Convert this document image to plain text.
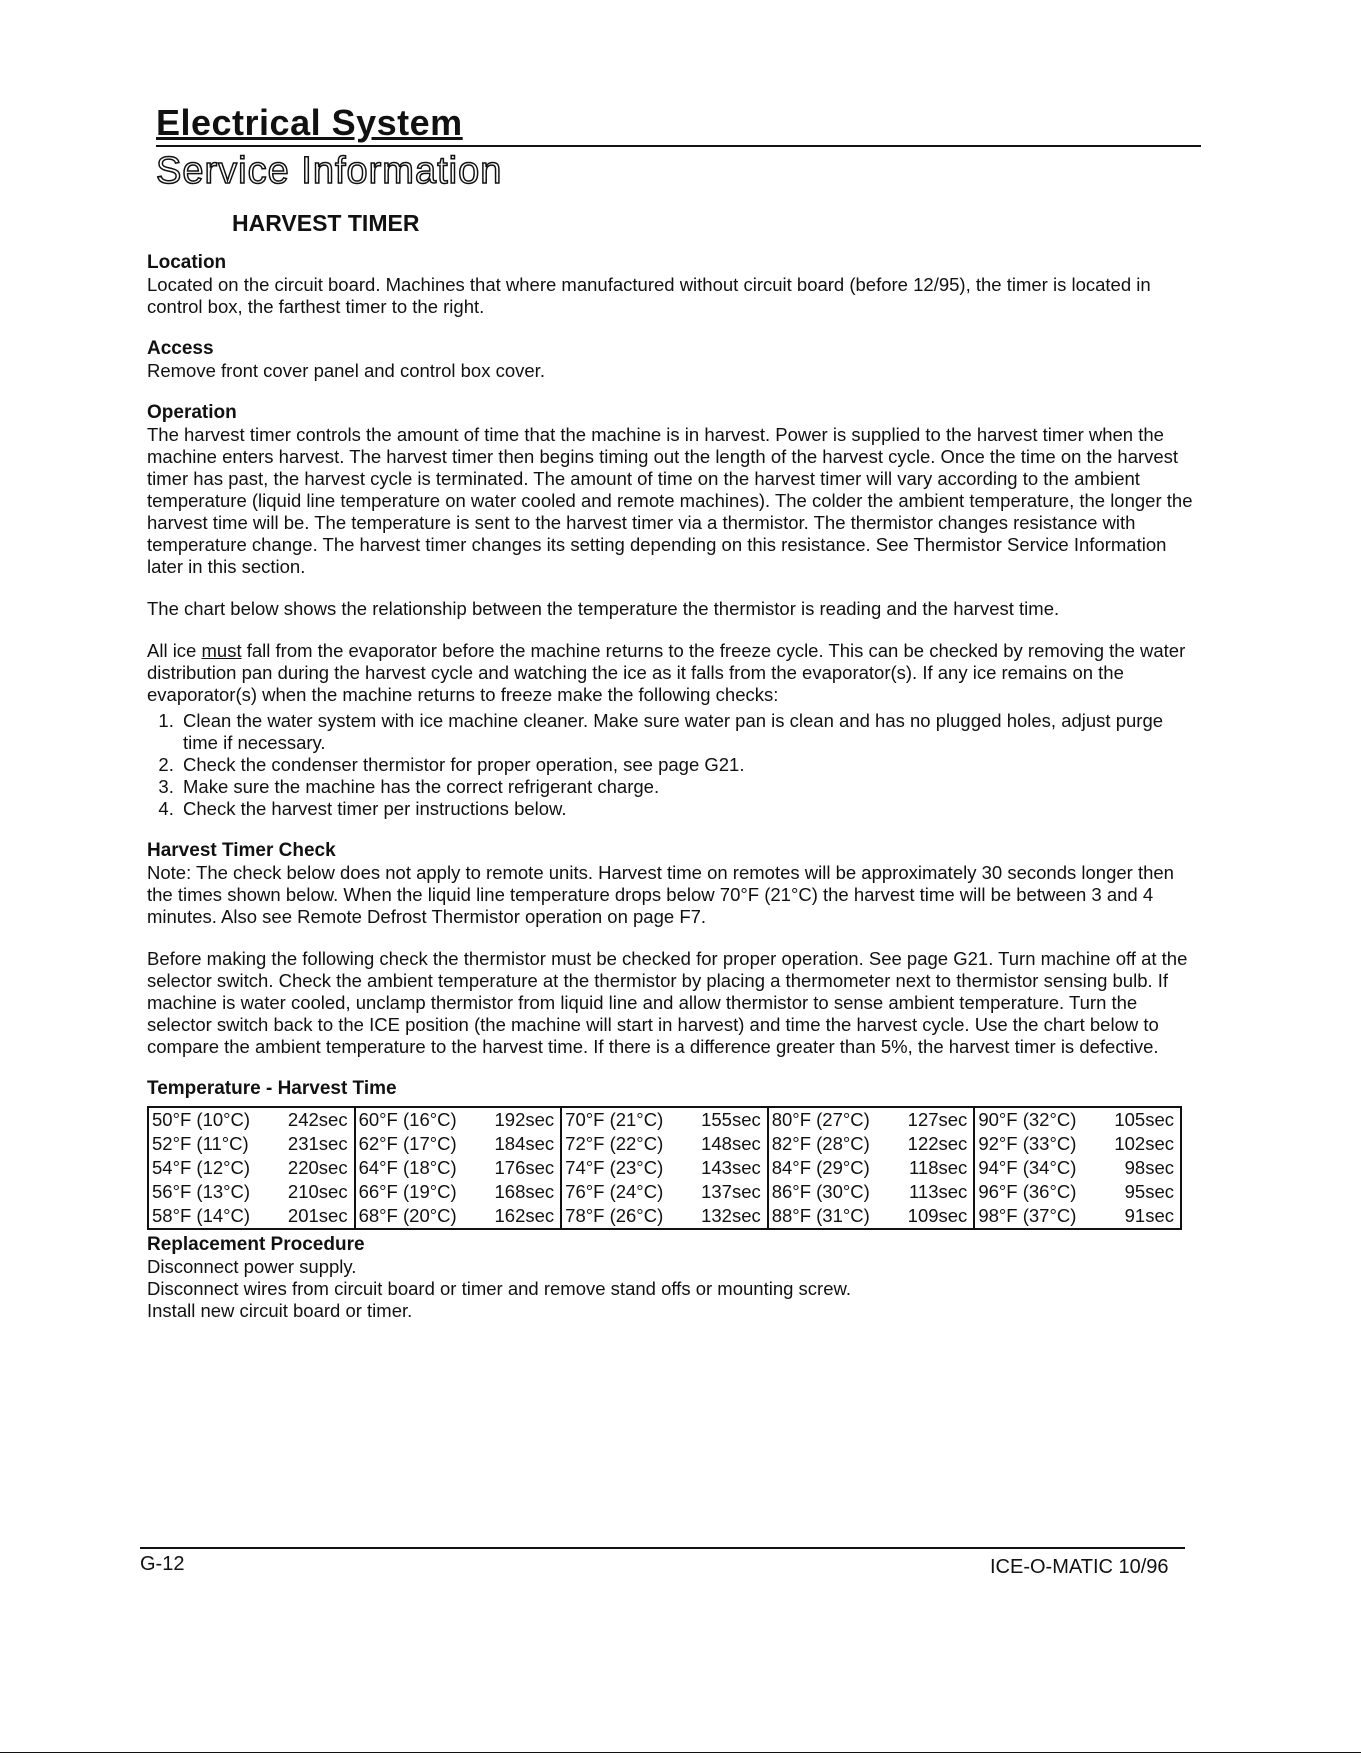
Electrical System
Service Information
HARVEST TIMER

Location

Located on the circuit board. Machines that where manufactured without circuit board (before 12/95), the timer is located in control box, the farthest timer to the right.

Access

Remove front cover panel and control box cover.

Operation

The harvest timer controls the amount of time that the machine is in harvest. Power is supplied to the harvest timer when the machine enters harvest. The harvest timer then begins timing out the length of the harvest cycle. Once the time on the harvest timer has past, the harvest cycle is terminated. The amount of time on the harvest timer will vary according to the ambient temperature (liquid line temperature on water cooled and remote machines). The colder the ambient temperature, the longer the harvest time will be. The temperature is sent to the harvest timer via a thermistor. The thermistor changes resistance with temperature change. The harvest timer changes its setting depending on this resistance. See Thermistor Service Information later in this section.

The chart below shows the relationship between the temperature the thermistor is reading and the harvest time.

All ice must fall from the evaporator before the machine returns to the freeze cycle. This can be checked by removing the water distribution pan during the harvest cycle and watching the ice as it falls from the evaporator(s). If any ice remains on the evaporator(s) when the machine returns to freeze make the following checks:

1. Clean the water system with ice machine cleaner. Make sure water pan is clean and has no plugged holes, adjust purge time if necessary.
2. Check the condenser thermistor for proper operation, see page G21.
3. Make sure the machine has the correct refrigerant charge.
4. Check the harvest timer per instructions below.

Harvest Timer Check

Note: The check below does not apply to remote units. Harvest time on remotes will be approximately 30 seconds longer then the times shown below. When the liquid line temperature drops below 70°F (21°C) the harvest time will be between 3 and 4 minutes. Also see Remote Defrost Thermistor operation on page F7.

Before making the following check the thermistor must be checked for proper operation. See page G21. Turn machine off at the selector switch. Check the ambient temperature at the thermistor by placing a thermometer next to thermistor sensing bulb. If machine is water cooled, unclamp thermistor from liquid line and allow thermistor to sense ambient temperature. Turn the selector switch back to the ICE position (the machine will start in harvest) and time the harvest cycle. Use the chart below to compare the ambient temperature to the harvest time. If there is a difference greater than 5%, the harvest timer is defective.

Temperature - Harvest Time

50°F (10°C)	242sec	60°F (16°C)	192sec	70°F (21°C)	155sec	80°F (27°C)	127sec	90°F (32°C)	105sec
52°F (11°C)	231sec	62°F (17°C)	184sec	72°F (22°C)	148sec	82°F (28°C)	122sec	92°F (33°C)	102sec
54°F (12°C)	220sec	64°F (18°C)	176sec	74°F (23°C)	143sec	84°F (29°C)	118sec	94°F (34°C)	98sec
56°F (13°C)	210sec	66°F (19°C)	168sec	76°F (24°C)	137sec	86°F (30°C)	113sec	96°F (36°C)	95sec
58°F (14°C)	201sec	68°F (20°C)	162sec	78°F (26°C)	132sec	88°F (31°C)	109sec	98°F (37°C)	91sec

Replacement Procedure

Disconnect power supply.

Disconnect wires from circuit board or timer and remove stand offs or mounting screw.

Install new circuit board or timer.

G-12	ICE-O-MATIC 10/96
